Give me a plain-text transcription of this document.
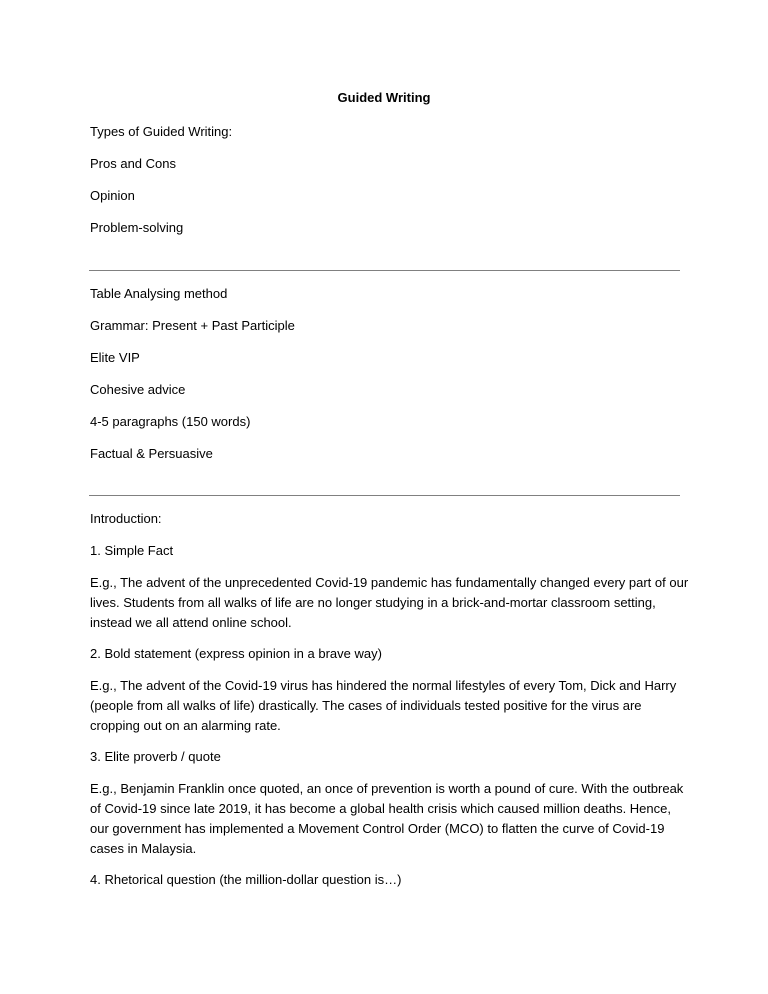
Guided Writing
Types of Guided Writing:
Pros and Cons
Opinion
Problem-solving
Table Analysing method
Grammar: Present + Past Participle
Elite VIP
Cohesive advice
4-5 paragraphs (150 words)
Factual & Persuasive
Introduction:
1. Simple Fact
E.g., The advent of the unprecedented Covid-19 pandemic has fundamentally changed every part of our lives. Students from all walks of life are no longer studying in a brick-and-mortar classroom setting, instead we all attend online school.
2. Bold statement (express opinion in a brave way)
E.g., The advent of the Covid-19 virus has hindered the normal lifestyles of every Tom, Dick and Harry (people from all walks of life) drastically. The cases of individuals tested positive for the virus are cropping out on an alarming rate.
3. Elite proverb / quote
E.g., Benjamin Franklin once quoted, an once of prevention is worth a pound of cure. With the outbreak of Covid-19 since late 2019, it has become a global health crisis which caused million deaths. Hence, our government has implemented a Movement Control Order (MCO) to flatten the curve of Covid-19 cases in Malaysia.
4. Rhetorical question (the million-dollar question is…)
